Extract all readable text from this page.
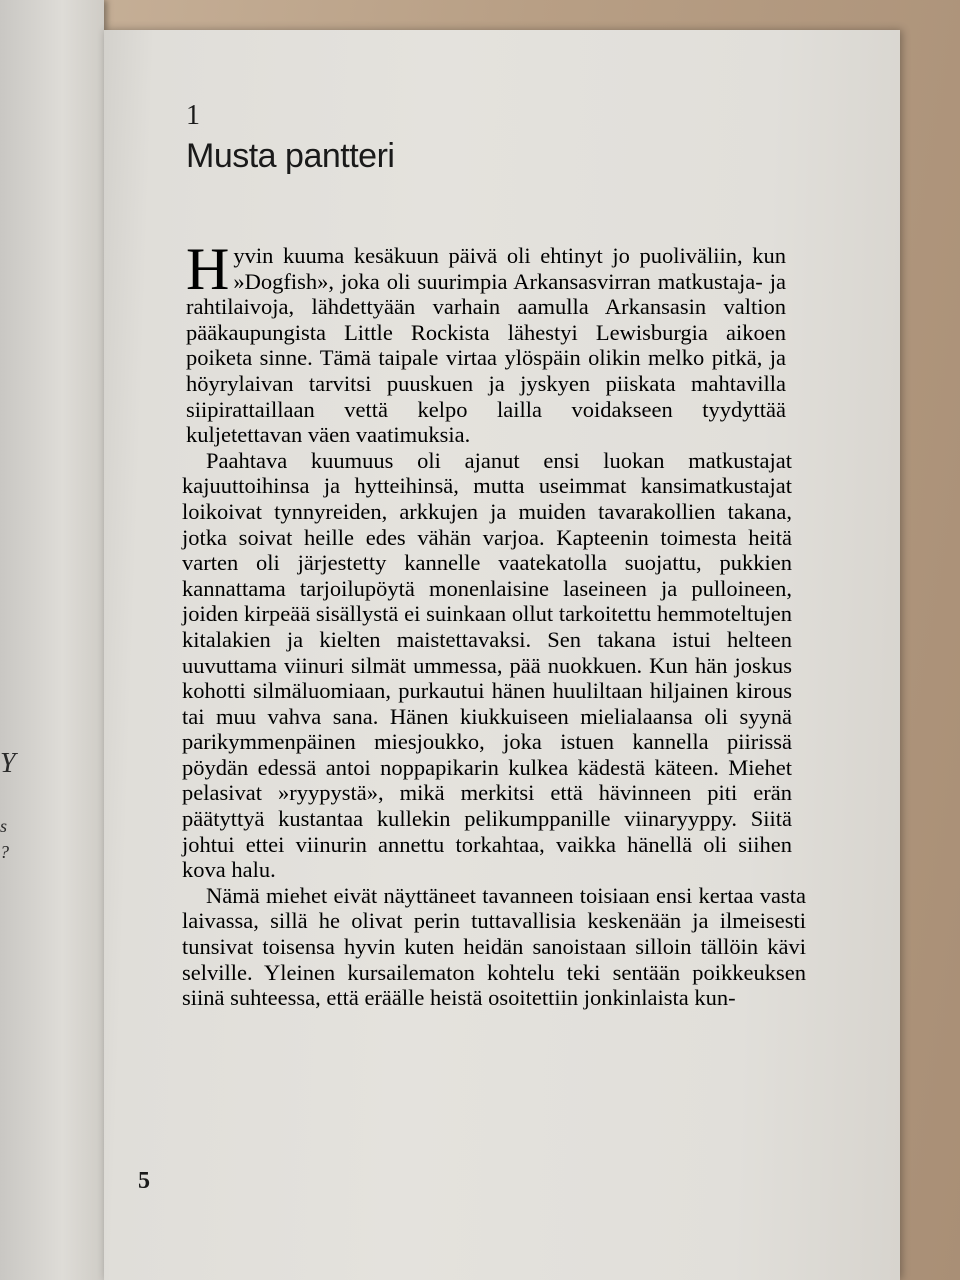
Y
s
?
1
Musta pantteri

Hyvin kuuma kesäkuun päivä oli ehtinyt jo puoliväliin, kun »Dogfish», joka oli suurimpia Arkansasvirran matkustaja- ja rahtilaivoja, lähdettyään varhain aamulla Arkansasin valtion pääkaupungista Little Rockista lähestyi Lewisburgia aikoen poiketa sinne. Tämä taipale virtaa ylöspäin olikin melko pitkä, ja höyrylaivan tarvitsi puuskuen ja jyskyen piiskata mahtavilla siipirattaillaan vettä kelpo lailla voidakseen tyydyttää kuljetettavan väen vaatimuksia.

Paahtava kuumuus oli ajanut ensi luokan matkustajat kajuuttoihinsa ja hytteihinsä, mutta useimmat kansimatkustajat loikoivat tynnyreiden, arkkujen ja muiden tavarakollien takana, jotka soivat heille edes vähän varjoa. Kapteenin toimesta heitä varten oli järjestetty kannelle vaatekatolla suojattu, pukkien kannattama tarjoilupöytä monenlaisine laseineen ja pulloineen, joiden kirpeää sisällystä ei suinkaan ollut tarkoitettu hemmoteltujen kitalakien ja kielten maistettavaksi. Sen takana istui helteen uuvuttama viinuri silmät ummessa, pää nuokkuen. Kun hän joskus kohotti silmäluomiaan, purkautui hänen huuliltaan hiljainen kirous tai muu vahva sana. Hänen kiukkuiseen mielialaansa oli syynä parikymmenpäinen miesjoukko, joka istuen kannella piirissä pöydän edessä antoi noppapikarin kulkea kädestä käteen. Miehet pelasivat »ryypystä», mikä merkitsi että hävinneen piti erän päätyttyä kustantaa kullekin pelikumppanille viinaryyppy. Siitä johtui ettei viinurin annettu torkahtaa, vaikka hänellä oli siihen kova halu.

Nämä miehet eivät näyttäneet tavanneen toisiaan ensi kertaa vasta laivassa, sillä he olivat perin tuttavallisia keskenään ja ilmeisesti tunsivat toisensa hyvin kuten heidän sanoistaan silloin tällöin kävi selville. Yleinen kursailematon kohtelu teki sentään poikkeuksen siinä suhteessa, että eräälle heistä osoitettiin jonkinlaista kun-

5
